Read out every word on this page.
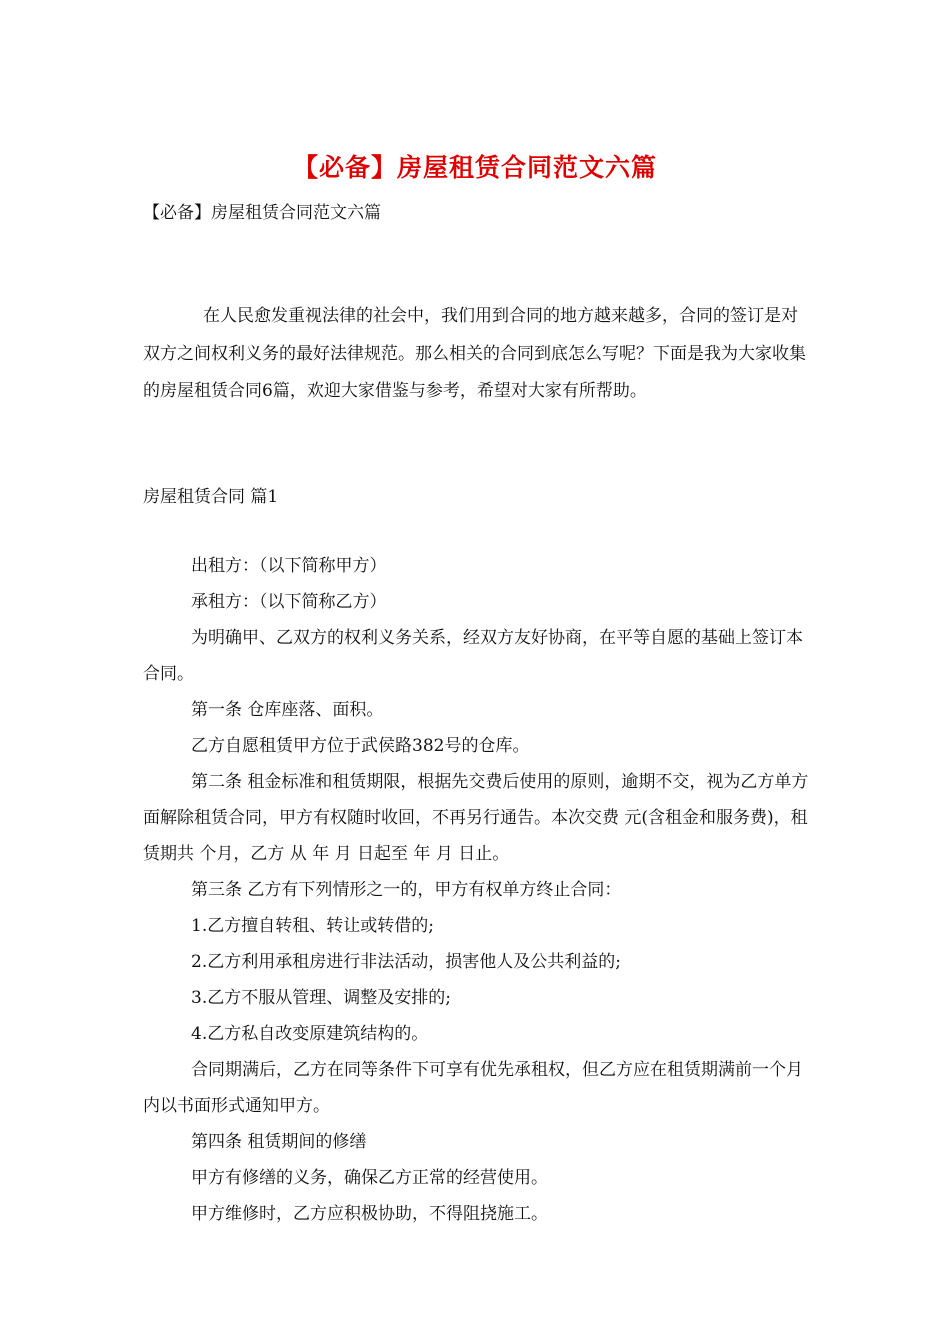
【必备】房屋租赁合同范文六篇
【必备】房屋租赁合同范文六篇
在人民愈发重视法律的社会中，我们用到合同的地方越来越多，合同的签订是对双方之间权利义务的最好法律规范。那么相关的合同到底怎么写呢？下面是我为大家收集的房屋租赁合同6篇，欢迎大家借鉴与参考，希望对大家有所帮助。
房屋租赁合同 篇1

出租方：（以下简称甲方）

承租方：（以下简称乙方）

为明确甲、乙双方的权利义务关系，经双方友好协商，在平等自愿的基础上签订本合同。

第一条 仓库座落、面积。

乙方自愿租赁甲方位于武侯路382号的仓库。

第二条 租金标准和租赁期限，根据先交费后使用的原则，逾期不交，视为乙方单方面解除租赁合同，甲方有权随时收回，不再另行通告。本次交费 元(含租金和服务费)，租赁期共 个月，乙方 从 年 月 日起至 年 月 日止。

第三条 乙方有下列情形之一的，甲方有权单方终止合同：

1.乙方擅自转租、转让或转借的;

2.乙方利用承租房进行非法活动，损害他人及公共利益的;

3.乙方不服从管理、调整及安排的;

4.乙方私自改变原建筑结构的。

合同期满后，乙方在同等条件下可享有优先承租权，但乙方应在租赁期满前一个月内以书面形式通知甲方。

第四条 租赁期间的修缮

甲方有修缮的义务，确保乙方正常的经营使用。

甲方维修时，乙方应积极协助，不得阻挠施工。
